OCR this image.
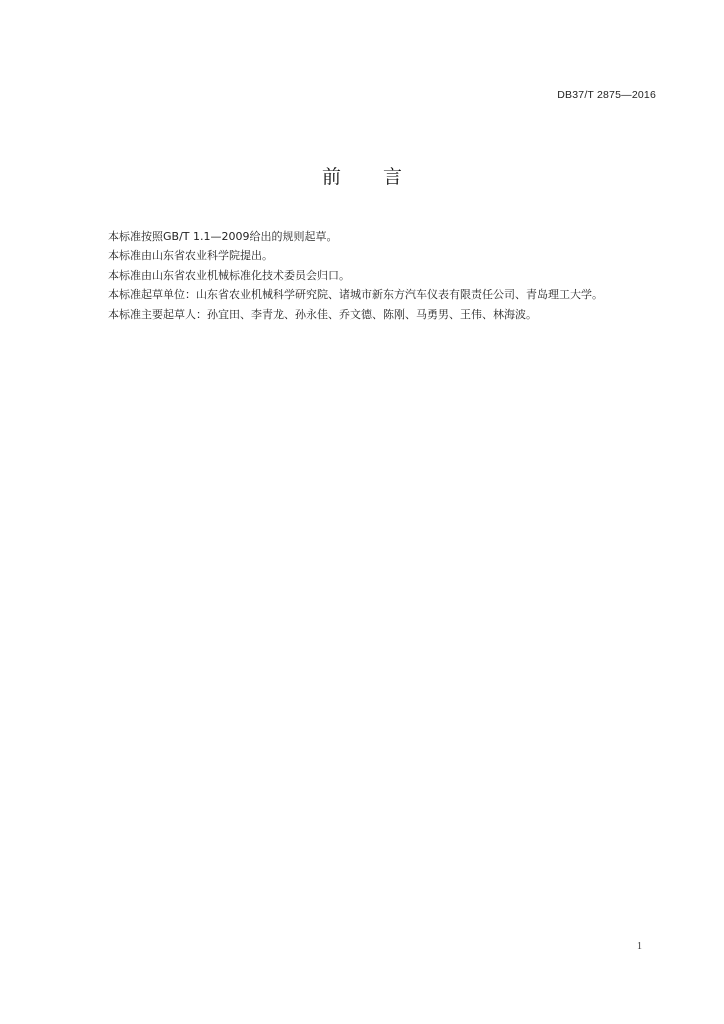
DB37/T 2875—2016
前 言

本标准按照GB/T 1.1—2009给出的规则起草。

本标准由山东省农业科学院提出。

本标准由山东省农业机械标准化技术委员会归口。

本标准起草单位：山东省农业机械科学研究院、诸城市新东方汽车仪表有限责任公司、青岛理工大学。

本标准主要起草人：孙宜田、李青龙、孙永佳、乔文德、陈刚、马勇男、王伟、林海波。

1
